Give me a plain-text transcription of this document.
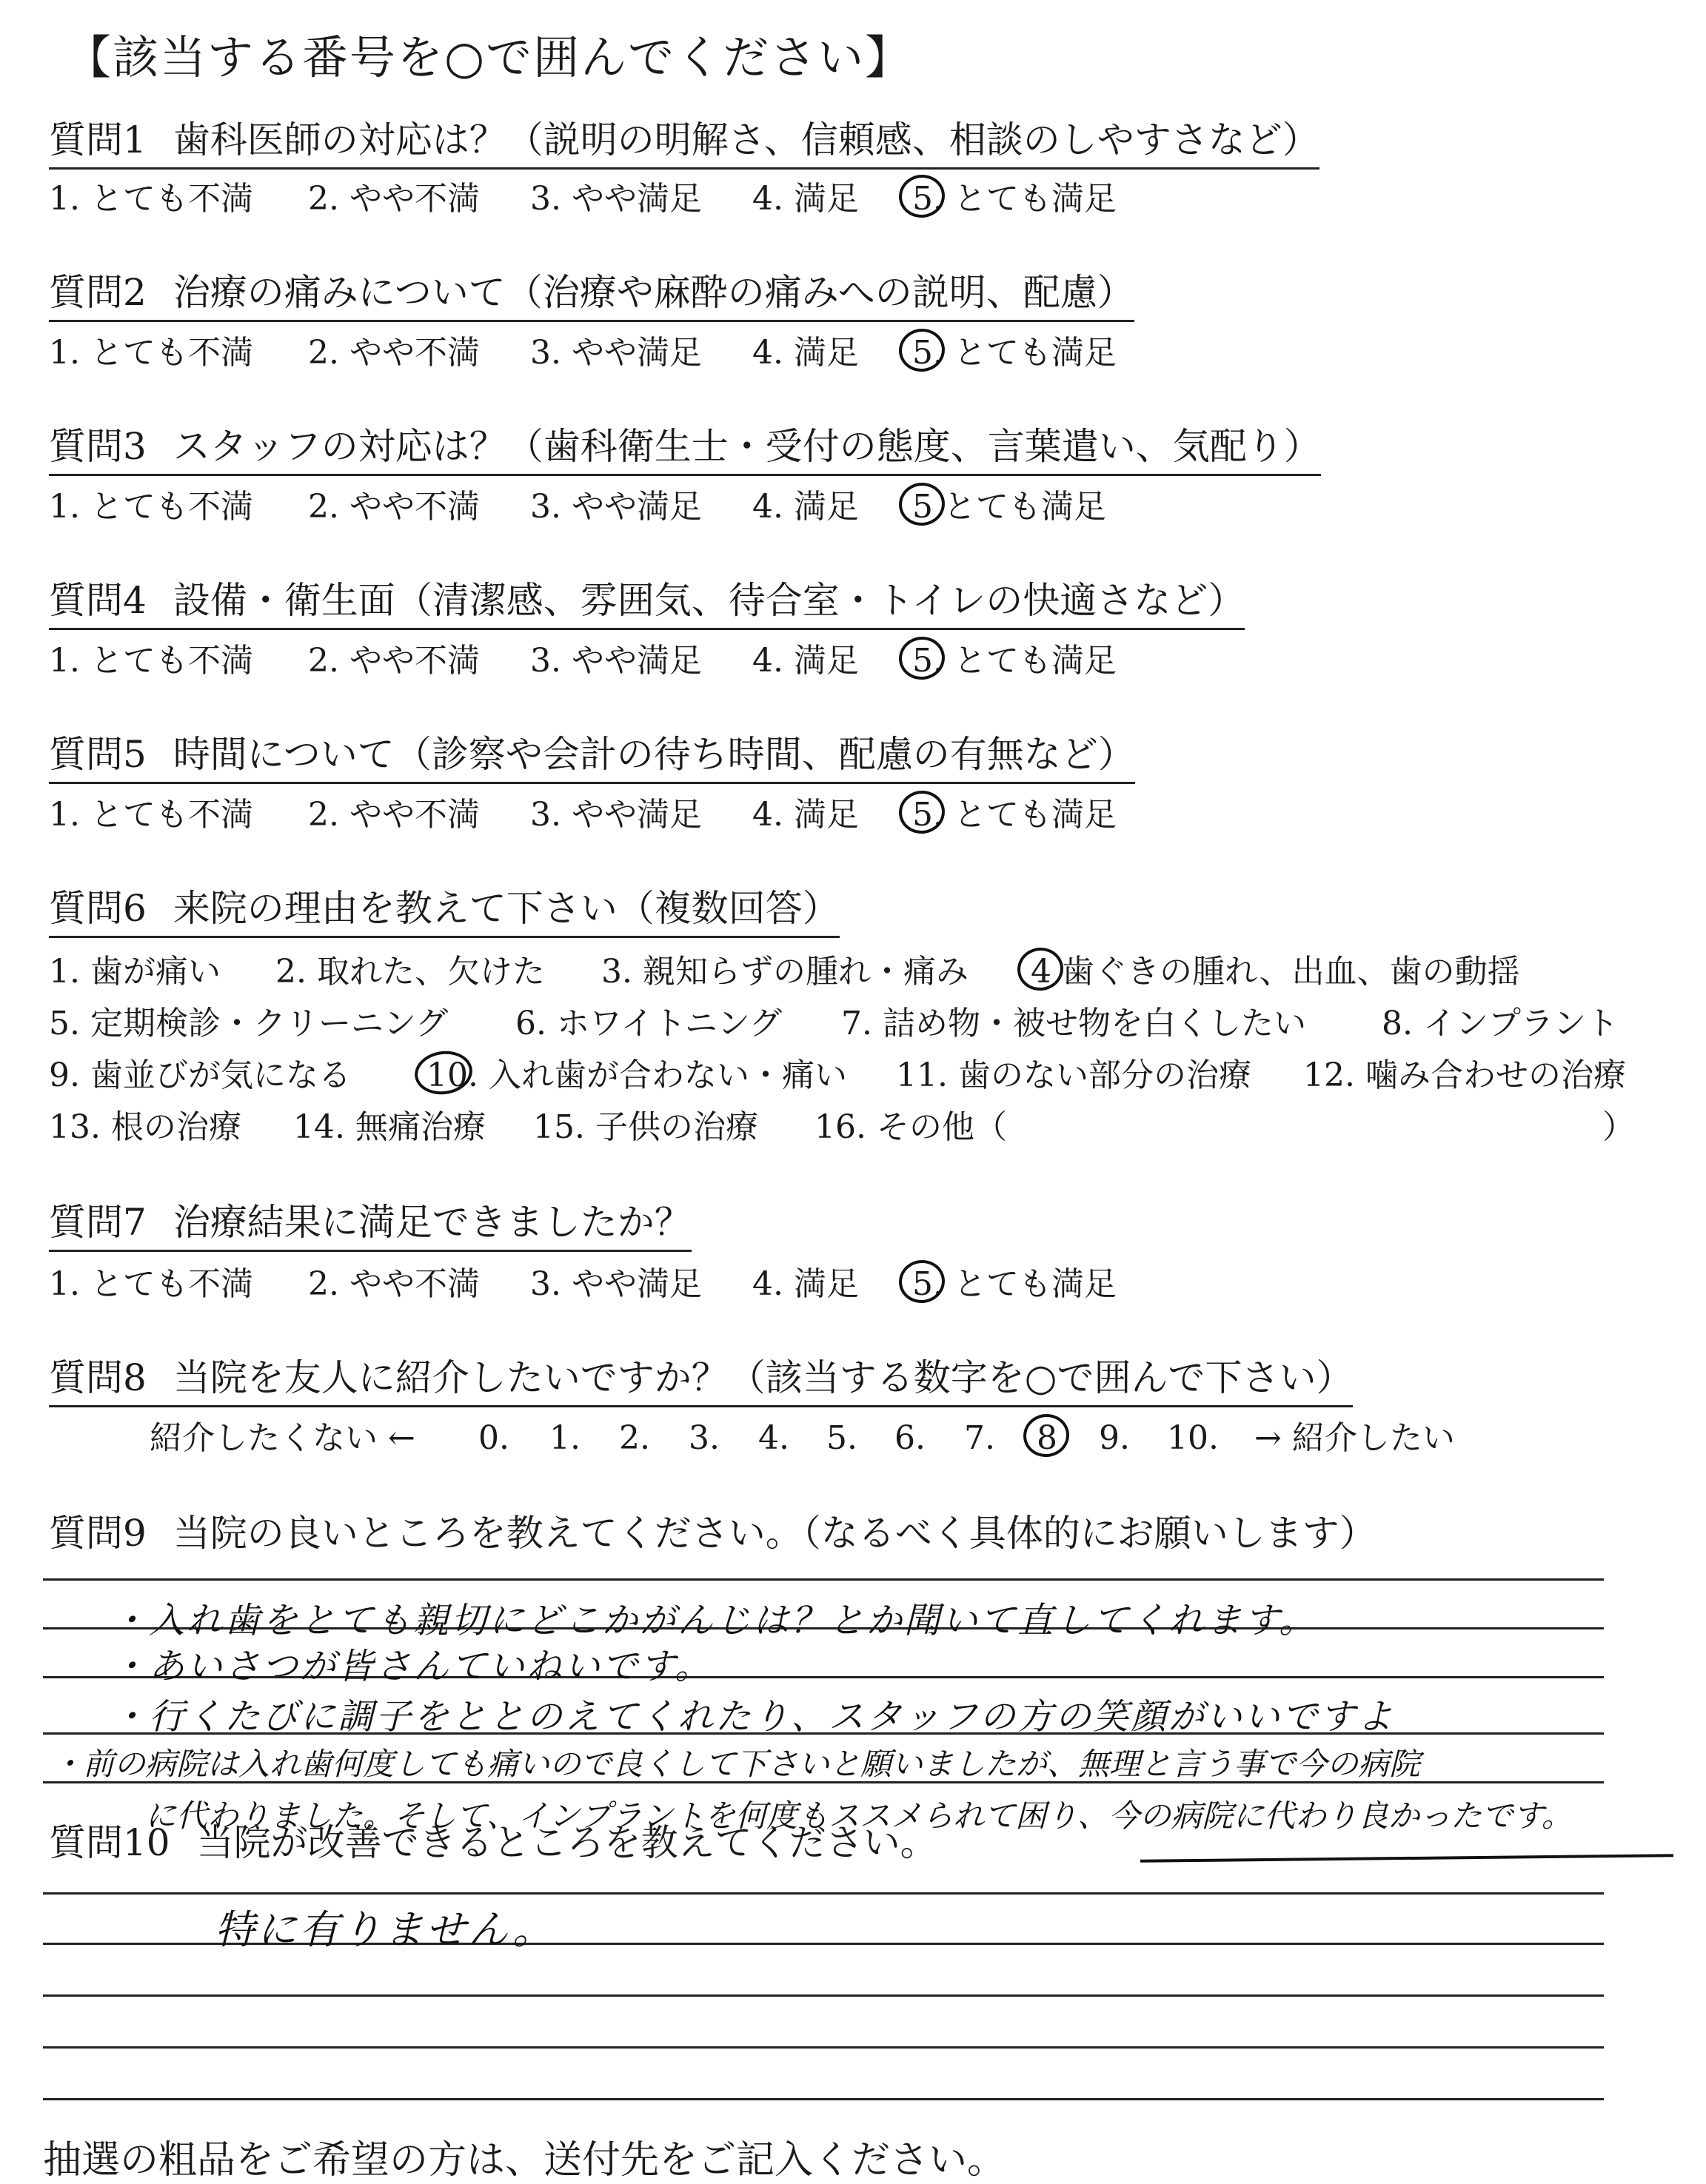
【該当する番号を○で囲んでください】
質問1 歯科医師の対応は？（説明の明解さ、信頼感、相談のしやすさなど）
1. とても不満 2. やや不満 3. やや満足 4. 満足 5. とても満足
質問2 治療の痛みについて（治療や麻酔の痛みへの説明、配慮）
1. とても不満 2. やや不満 3. やや満足 4. 満足 5. とても満足
質問3 スタッフの対応は？（歯科衛生士・受付の態度、言葉遣い、気配り）
1. とても不満 2. やや不満 3. やや満足 4. 満足 5 とても満足
質問4 設備・衛生面（清潔感、雰囲気、待合室・トイレの快適さなど）
1. とても不満 2. やや不満 3. やや満足 4. 満足 5. とても満足
質問5 時間について（診察や会計の待ち時間、配慮の有無など）
1. とても不満 2. やや不満 3. やや満足 4. 満足 5. とても満足
質問6 来院の理由を教えて下さい（複数回答）
1. 歯が痛い 2. 取れた、欠けた 3. 親知らずの腫れ・痛み 4 歯ぐきの腫れ、出血、歯の動揺
5. 定期検診・クリーニング 6. ホワイトニング 7. 詰め物・被せ物を白くしたい 8. インプラント
9. 歯並びが気になる 10. 入れ歯が合わない・痛い 11. 歯のない部分の治療 12. 噛み合わせの治療
13. 根の治療 14. 無痛治療 15. 子供の治療 16. その他（	）
質問7 治療結果に満足できましたか？
1. とても不満 2. やや不満 3. やや満足 4. 満足 5. とても満足
質問8 当院を友人に紹介したいですか？（該当する数字を○で囲んで下さい）
紹介したくない ← 0. 1. 2. 3. 4. 5. 6. 7. 8	9. 10. → 紹介したい
質問9 当院の良いところを教えてください。（なるべく具体的にお願いします）
・入れ歯をとても親切にどこかがんじは？とか聞いて直してくれます。
・あいさつが皆さんていねいです。
・行くたびに調子をととのえてくれたり、スタッフの方の笑顔がいいですよ
・前の病院は入れ歯何度しても痛いので良くして下さいと願いましたが、無理と言う事で今の病院
に代わりました。そして、インプラントを何度もススメられて困り、今の病院に代わり良かったです。
質問10 当院が改善できるところを教えてください。
特に有りません。
抽選の粗品をご希望の方は、送付先をご記入ください。
